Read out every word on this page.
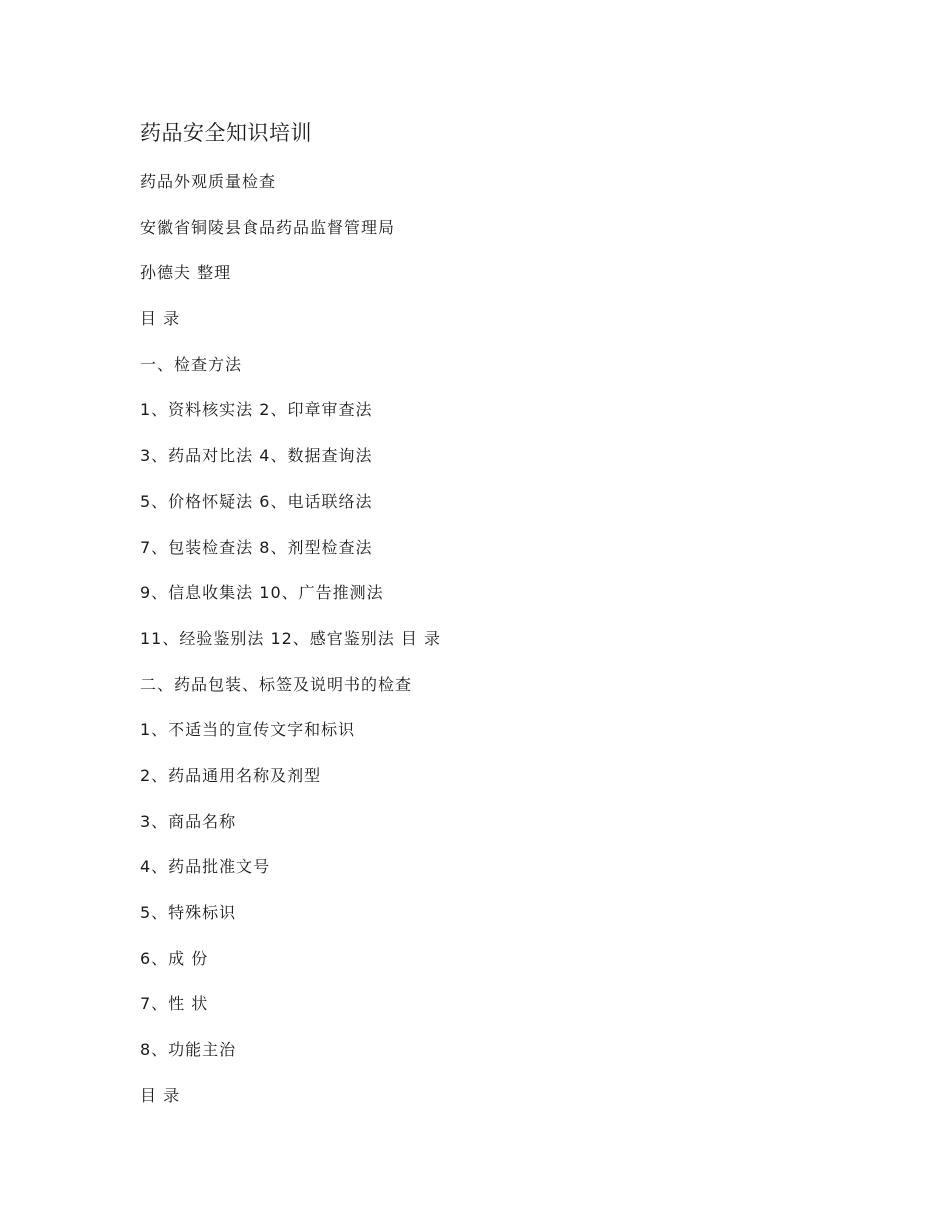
药品安全知识培训
药品外观质量检查
安徽省铜陵县食品药品监督管理局
孙德夫 整理
目 录
一、检查方法
1、资料核实法 2、印章审查法
3、药品对比法 4、数据查询法
5、价格怀疑法 6、电话联络法
7、包装检查法 8、剂型检查法
9、信息收集法 10、广告推测法
11、经验鉴别法 12、感官鉴别法 目 录
二、药品包装、标签及说明书的检查
1、不适当的宣传文字和标识
2、药品通用名称及剂型
3、商品名称
4、药品批准文号
5、特殊标识
6、成 份
7、性 状
8、功能主治
目 录
